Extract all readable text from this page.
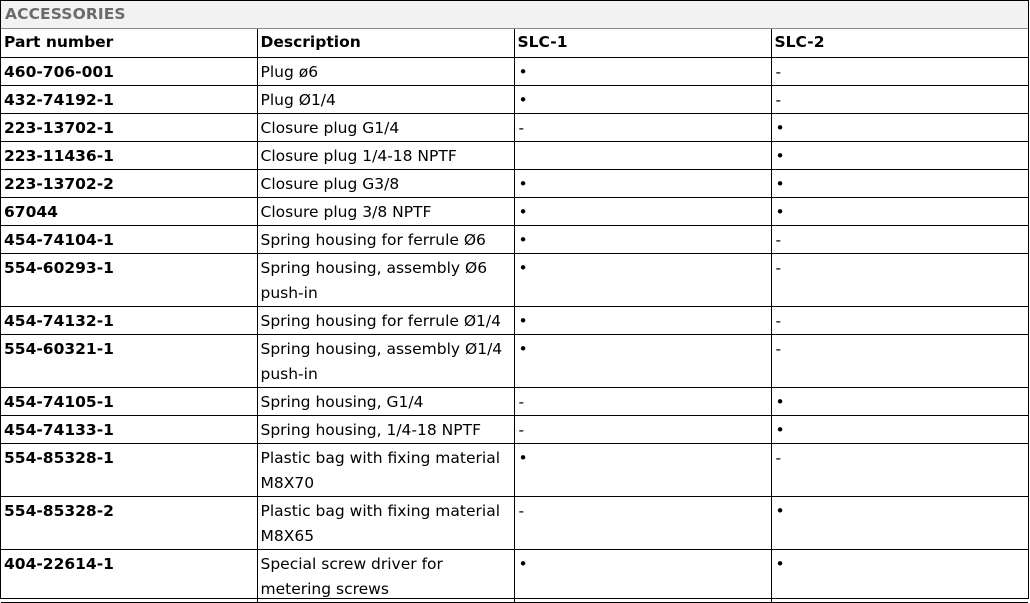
ACCESSORIES
Part number	Description	SLC-1	SLC-2
460-706-001	Plug ø6	•	-
432-74192-1	Plug Ø1/4	•	-
223-13702-1	Closure plug G1/4	-	•
223-11436-1	Closure plug 1/4-18 NPTF		•
223-13702-2	Closure plug G3/8	•	•
67044	Closure plug 3/8 NPTF	•	•
454-74104-1	Spring housing for ferrule Ø6	•	-
554-60293-1	Spring housing, assembly Ø6 push-in	•	-
454-74132-1	Spring housing for ferrule Ø1/4	•	-
554-60321-1	Spring housing, assembly Ø1/4 push-in	•	-
454-74105-1	Spring housing, G1/4	-	•
454-74133-1	Spring housing, 1/4-18 NPTF	-	•
554-85328-1	Plastic bag with fixing material M8X70	•	-
554-85328-2	Plastic bag with fixing material M8X65	-	•
404-22614-1	Special screw driver for metering screws	•	•
